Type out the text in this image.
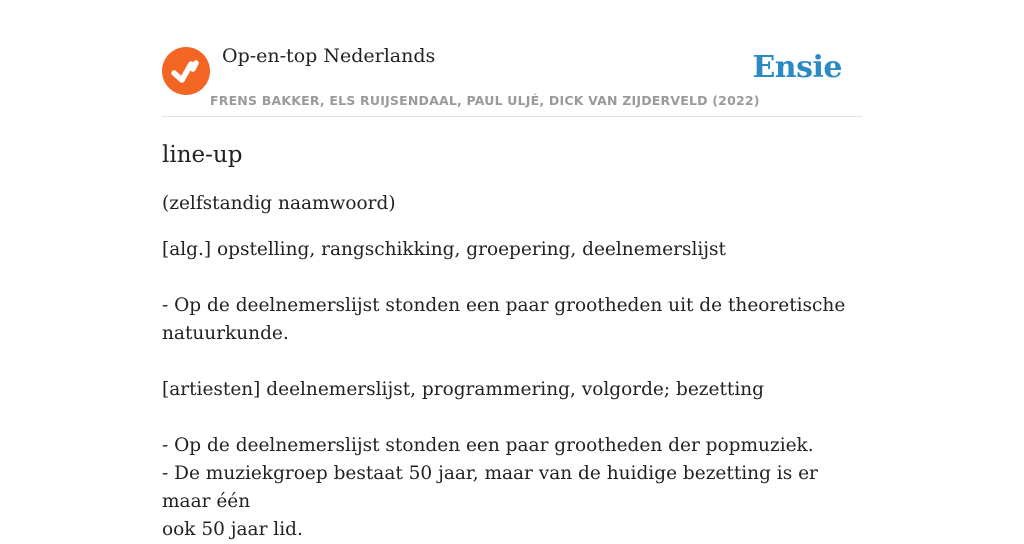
Op-en-top Nederlands
FRENS BAKKER, ELS RUIJSENDAAL, PAUL ULJÉ, DICK VAN ZIJDERVELD (2022)
Ensie
line-up
(zelfstandig naamwoord)

[alg.] opstelling, rangschikking, groepering, deelnemerslijst

- Op de deelnemerslijst stonden een paar grootheden uit de theoretische

natuurkunde.

[artiesten] deelnemerslijst, programmering, volgorde; bezetting

- Op de deelnemerslijst stonden een paar grootheden der popmuziek.

- De muziekgroep bestaat 50 jaar, maar van de huidige bezetting is er maar één

ook 50 jaar lid.
